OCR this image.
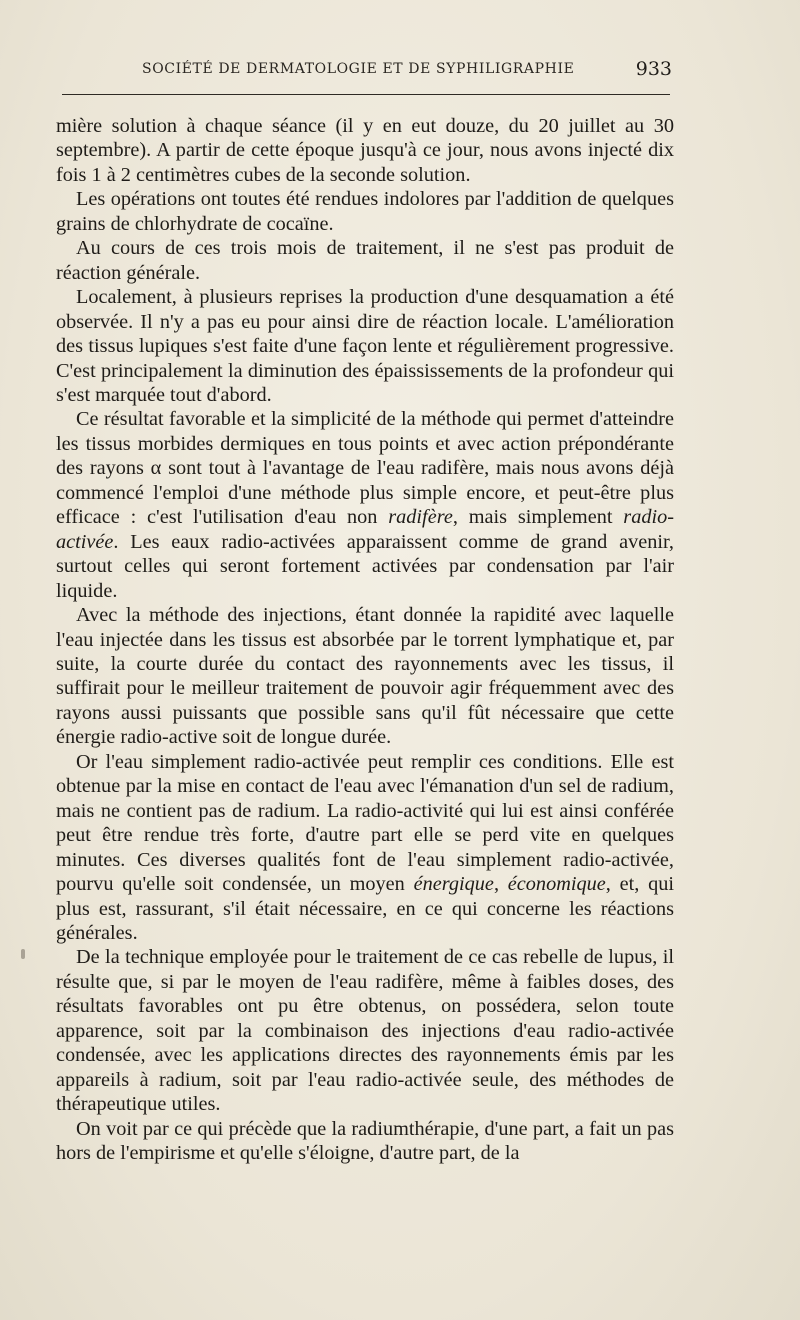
SOCIÉTÉ DE DERMATOLOGIE ET DE SYPHILIGRAPHIE	933

mière solution à chaque séance (il y en eut douze, du 20 juillet au 30 septembre). A partir de cette époque jusqu'à ce jour, nous avons injecté dix fois 1 à 2 centimètres cubes de la seconde solution.

Les opérations ont toutes été rendues indolores par l'addition de quelques grains de chlorhydrate de cocaïne.

Au cours de ces trois mois de traitement, il ne s'est pas produit de réaction générale.

Localement, à plusieurs reprises la production d'une desquamation a été observée. Il n'y a pas eu pour ainsi dire de réaction locale. L'amélioration des tissus lupiques s'est faite d'une façon lente et régulièrement progressive. C'est principalement la diminution des épaississements de la profondeur qui s'est marquée tout d'abord.

Ce résultat favorable et la simplicité de la méthode qui permet d'atteindre les tissus morbides dermiques en tous points et avec action prépondérante des rayons α sont tout à l'avantage de l'eau radifère, mais nous avons déjà commencé l'emploi d'une méthode plus simple encore, et peut-être plus efficace : c'est l'utilisation d'eau non radifère, mais simplement radio-activée. Les eaux radio-activées apparaissent comme de grand avenir, surtout celles qui seront fortement activées par condensation par l'air liquide.

Avec la méthode des injections, étant donnée la rapidité avec laquelle l'eau injectée dans les tissus est absorbée par le torrent lymphatique et, par suite, la courte durée du contact des rayonnements avec les tissus, il suffirait pour le meilleur traitement de pouvoir agir fréquemment avec des rayons aussi puissants que possible sans qu'il fût nécessaire que cette énergie radio-active soit de longue durée.

Or l'eau simplement radio-activée peut remplir ces conditions. Elle est obtenue par la mise en contact de l'eau avec l'émanation d'un sel de radium, mais ne contient pas de radium. La radio-activité qui lui est ainsi conférée peut être rendue très forte, d'autre part elle se perd vite en quelques minutes. Ces diverses qualités font de l'eau simplement radio-activée, pourvu qu'elle soit condensée, un moyen énergique, économique, et, qui plus est, rassurant, s'il était nécessaire, en ce qui concerne les réactions générales.

De la technique employée pour le traitement de ce cas rebelle de lupus, il résulte que, si par le moyen de l'eau radifère, même à faibles doses, des résultats favorables ont pu être obtenus, on possédera, selon toute apparence, soit par la combinaison des injections d'eau radio-activée condensée, avec les applications directes des rayonnements émis par les appareils à radium, soit par l'eau radio-activée seule, des méthodes de thérapeutique utiles.

On voit par ce qui précède que la radiumthérapie, d'une part, a fait un pas hors de l'empirisme et qu'elle s'éloigne, d'autre part, de la
